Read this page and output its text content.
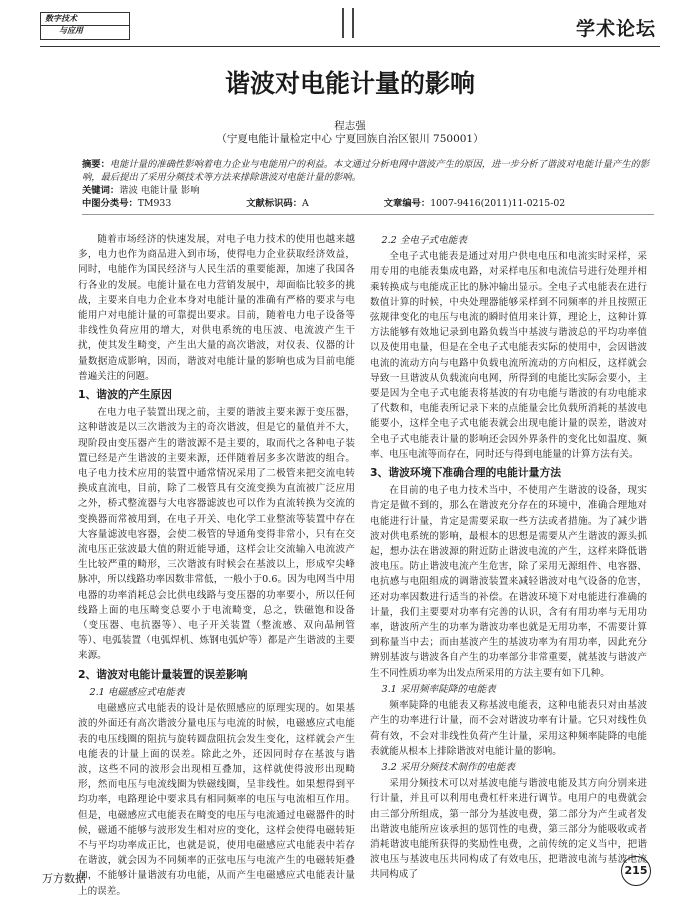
数字技术
与应用	学术论坛
谐波对电能计量的影响
程志强
（宁夏电能计量检定中心 宁夏回族自治区银川 750001）
摘要：电能计量的准确性影响着电力企业与电能用户的利益。本文通过分析电网中谐波产生的原因，进一步分析了谐波对电能计量产生的影响，最后提出了采用分频技术等方法来排除谐波对电能计量的影响。
关键词：谐波 电能计量 影响
中图分类号：TM933	文献标识码：A	文章编号：1007-9416(2011)11-0215-02

随着市场经济的快速发展，对电子电力技术的使用也越来越多，电力也作为商品进入到市场，使得电力企业获取经济效益，同时，电能作为国民经济与人民生活的重要能源，加速了我国各行各业的发展。电能计量在电力营销发展中，却面临比较多的挑战，主要来自电力企业本身对电能计量的准确有严格的要求与电能用户对电能计量的可靠提出要求。目前，随着电力电子设备等非线性负荷应用的增大，对供电系统的电压波、电流波产生干扰，使其发生畸变，产生出大量的高次谐波，对仪表、仪器的计量数据造成影响，因而，谐波对电能计量的影响也成为目前电能普遍关注的问题。

1、谐波的产生原因

在电力电子装置出现之前，主要的谐波主要来源于变压器，这种谐波是以三次谐波为主的奇次谐波，但是它的量值并不大，现阶段由变压器产生的谐波源不是主要的，取而代之各种电子装置已经是产生谐波的主要来源，还伴随着居多多次谐波的组合。电子电力技术应用的装置中通常情况采用了二极管来把交流电转换成直流电，目前，除了二极管具有交流变换为直流被广泛应用之外，桥式整流器与大电容器滤波也可以作为直流转换为交流的变换器而常被用到，在电子开关、电化学工业整流等装置中存在大容量滤波电容器，会使二极管的导通角变得非常小，只有在交流电压正弦波最大值的附近能导通，这样会让交流输入电流波产生比较严重的畸形，三次谐波有时候会在基波以上，形成窄尖峰脉冲，所以线路功率因数非常低，一般小于0.6。因为电网当中用电器的功率消耗总会比供电线路与变压器的功率要小，所以任何线路上面的电压畸变总要小于电流畸变，总之，铁磁饱和设备（变压器、电抗器等）、电子开关装置（整流感、双向晶闸管等）、电弧装置（电弧焊机、炼钢电弧炉等）都是产生谐波的主要来源。

2、谐波对电能计量装置的误差影响
2.1 电磁感应式电能表

电磁感应式电能表的设计是依照感应的原理实现的。如果基波的外面还有高次谐波分量电压与电流的时候，电磁感应式电能表的电压线圈的阻抗与旋转圆盘阻抗会发生变化，这样就会产生电能表的计量上面的误差。除此之外，还因同时存在基波与谐波，这些不同的波形会出现相互叠加，这样就使得波形出现畸形，然而电压与电流线圈为铁磁线圈，呈非线性。如果想得到平均功率，电路理论中要求具有相同频率的电压与电流相互作用。但是，电磁感应式电能表在畸变的电压与电流通过电磁器件的时候，磁通不能够与波形发生相对应的变化，这样会使得电磁转矩不与平均功率成正比，也就是说，使用电磁感应式电能表中若存在谐波，就会因为不同频率的正弦电压与电流产生的电磁转矩叠加，不能够计量谐波有功电能，从而产生电磁感应式电能表计量上的误差。

2.2 全电子式电能表

全电子式电能表是通过对用户供电电压和电流实时采样，采用专用的电能表集成电路，对采样电压和电流信号进行处理并相乘转换成与电能成正比的脉冲输出显示。全电子式电能表在进行数值计算的时候，中央处理器能够采样到不同频率的并且按照正弦规律变化的电压与电流的瞬时值用来计算，理论上，这种计算方法能够有效地记录到电路负载当中基波与谐波总的平均功率值以及使用电量，但是在全电子式电能表实际的使用中，会因谐波电流的流动方向与电路中负载电流所流动的方向相反，这样就会导致一旦谐波从负载流向电网，所得到的电能比实际会要小，主要是因为全电子式电能表将基波的有功电能与谐波的有功电能求了代数和，电能表所记录下来的点能量会比负载所消耗的基波电能要小，这样全电子式电能表就会出现电能计量的误差，谐波对全电子式电能表计量的影响还会因外界条件的变化比如温度、频率、电压电流等而存在，同时还与得到电能量的计算方法有关。

3、谐波环境下准确合理的电能计量方法

在目前的电子电力技术当中，不使用产生谐波的设备，现实肯定是做不到的，那么在谐波充分存在的环境中，准确合理地对电能进行计量，肯定是需要采取一些方法或者措施。为了减少谐波对供电系统的影响，最根本的思想是需要从产生谐波的源头抓起，想办法在谐波源的附近防止谐波电流的产生，这样来降低谐波电压。防止谐波电流产生危害，除了采用无源组件、电容器、电抗感与电阻组成的调谐波装置来减轻谐波对电气设备的危害，还对功率因数进行适当的补偿。在谐波环境下对电能进行准确的计量，我们主要要对功率有完善的认识，含有有用功率与无用功率，谐波所产生的功率为谐波功率也就是无用功率，不需要计算到称量当中去；而由基波产生的基波功率为有用功率，因此充分辨别基波与谐波各自产生的功率部分非常重要，就基波与谐波产生不同性质功率为出发点所采用的方法主要有如下几种。

3.1 采用频率陡降的电能表

频率陡降的电能表又称基波电能表，这种电能表只对由基波产生的功率进行计量，而不会对谐波功率有计量。它只对线性负荷有效，不会对非线性负荷产生计量，采用这种频率陡降的电能表就能从根本上排除谐波对电能计量的影响。

3.2 采用分频技术制作的电能表

采用分频技术可以对基波电能与谐波电能及其方向分别来进行计量，并且可以利用电费杠杆来进行调节。电用户的电费就会由三部分所组成，第一部分为基波电费，第二部分为产生或者发出谐波电能所应该承担的惩罚性的电费，第三部分为能吸收或者消耗谐波电能所获得的奖励性电费，之前传统的定义当中，把谐波电压与基波电压共同构成了有效电压，把谐波电流与基波电流共同构成了

万方数据
215
